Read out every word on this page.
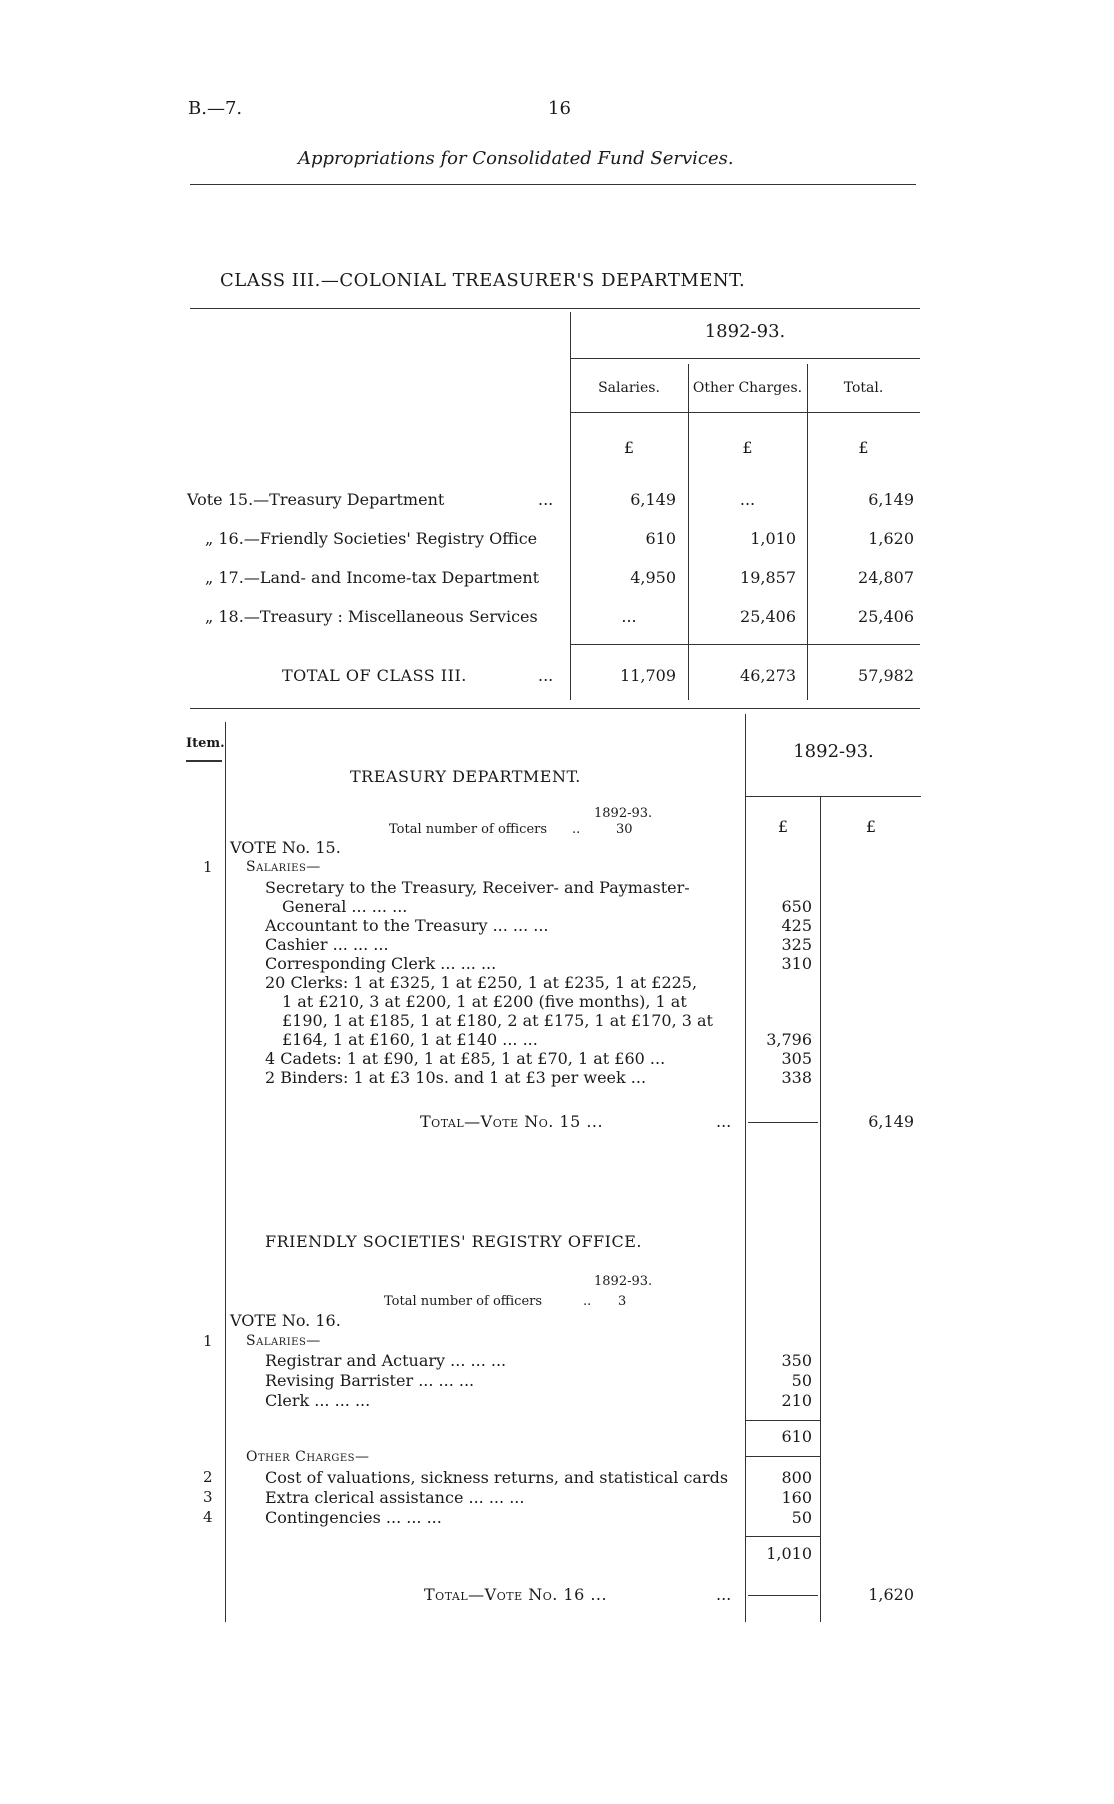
B.—7.	16
Appropriations for Consolidated Fund Services.
CLASS III.—COLONIAL TREASURER'S DEPARTMENT.
1892-93.
Salaries.	Other Charges.	Total.
£	£	£
Vote 15.—Treasury Department	...	6,149	...	6,149
„ 16.—Friendly Societies' Registry Office	610	1,010	1,620
„ 17.—Land- and Income-tax Department	4,950	19,857	24,807
„ 18.—Treasury : Miscellaneous Services	...	25,406	25,406
TOTAL OF CLASS III.	...	11,709	46,273	57,982
Item.	1892-93.
£	£
TREASURY DEPARTMENT.
1892-93.
Total number of officers ..	30
VOTE No. 15.
1 Salaries—
Secretary to the Treasury, Receiver- and Paymaster-
General ... ... ...	650
Accountant to the Treasury ... ... ...	425
Cashier ... ... ...	325
Corresponding Clerk ... ... ...	310
20 Clerks: 1 at £325, 1 at £250, 1 at £235, 1 at £225,
1 at £210, 3 at £200, 1 at £200 (five months), 1 at
£190, 1 at £185, 1 at £180, 2 at £175, 1 at £170, 3 at
£164, 1 at £160, 1 at £140 ... ...	3,796
4 Cadets: 1 at £90, 1 at £85, 1 at £70, 1 at £60 ...	305
2 Binders: 1 at £3 10s. and 1 at £3 per week ...	338
Total—Vote No. 15 ...	...	6,149
FRIENDLY SOCIETIES' REGISTRY OFFICE.
1892-93.
Total number of officers	.. 3
VOTE No. 16.
1 Salaries—
Registrar and Actuary ... ... ...	350
Revising Barrister ... ... ...	50
Clerk ... ... ...	210
610
Other Charges—
2	Cost of valuations, sickness returns, and statistical cards	800
3	Extra clerical assistance ... ... ...	160
4	Contingencies ... ... ...	50
1,010
Total—Vote No. 16 ...	...	1,620
